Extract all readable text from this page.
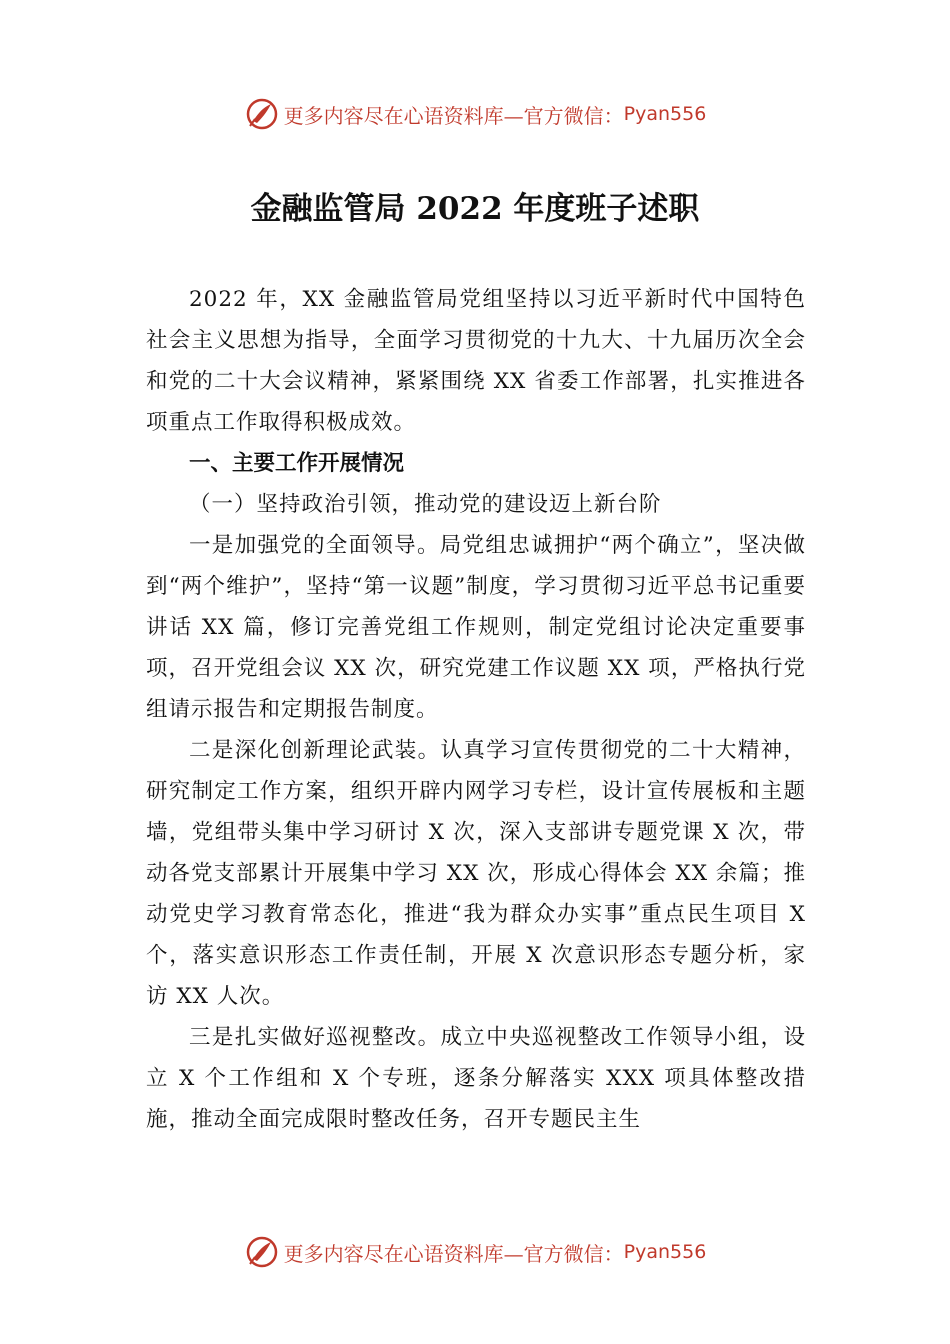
更多内容尽在心语资料库—官方微信： Pyan556
金融监管局 2022 年度班子述职

2022 年，XX 金融监管局党组坚持以习近平新时代中国特色社会主义思想为指导，全面学习贯彻党的十九大、十九届历次全会和党的二十大会议精神，紧紧围绕 XX 省委工作部署，扎实推进各项重点工作取得积极成效。

一、主要工作开展情况

（一）坚持政治引领，推动党的建设迈上新台阶

一是加强党的全面领导。局党组忠诚拥护“两个确立”，坚决做到“两个维护”，坚持“第一议题”制度，学习贯彻习近平总书记重要讲话 XX 篇，修订完善党组工作规则，制定党组讨论决定重要事项，召开党组会议 XX 次，研究党建工作议题 XX 项，严格执行党组请示报告和定期报告制度。

二是深化创新理论武装。认真学习宣传贯彻党的二十大精神，研究制定工作方案，组织开辟内网学习专栏，设计宣传展板和主题墙，党组带头集中学习研讨 X 次，深入支部讲专题党课 X 次，带动各党支部累计开展集中学习 XX 次，形成心得体会 XX 余篇；推动党史学习教育常态化，推进“我为群众办实事”重点民生项目 X 个，落实意识形态工作责任制，开展 X 次意识形态专题分析，家访 XX 人次。

三是扎实做好巡视整改。成立中央巡视整改工作领导小组，设立 X 个工作组和 X 个专班，逐条分解落实 XXX 项具体整改措施，推动全面完成限时整改任务，召开专题民主生

更多内容尽在心语资料库—官方微信： Pyan556
